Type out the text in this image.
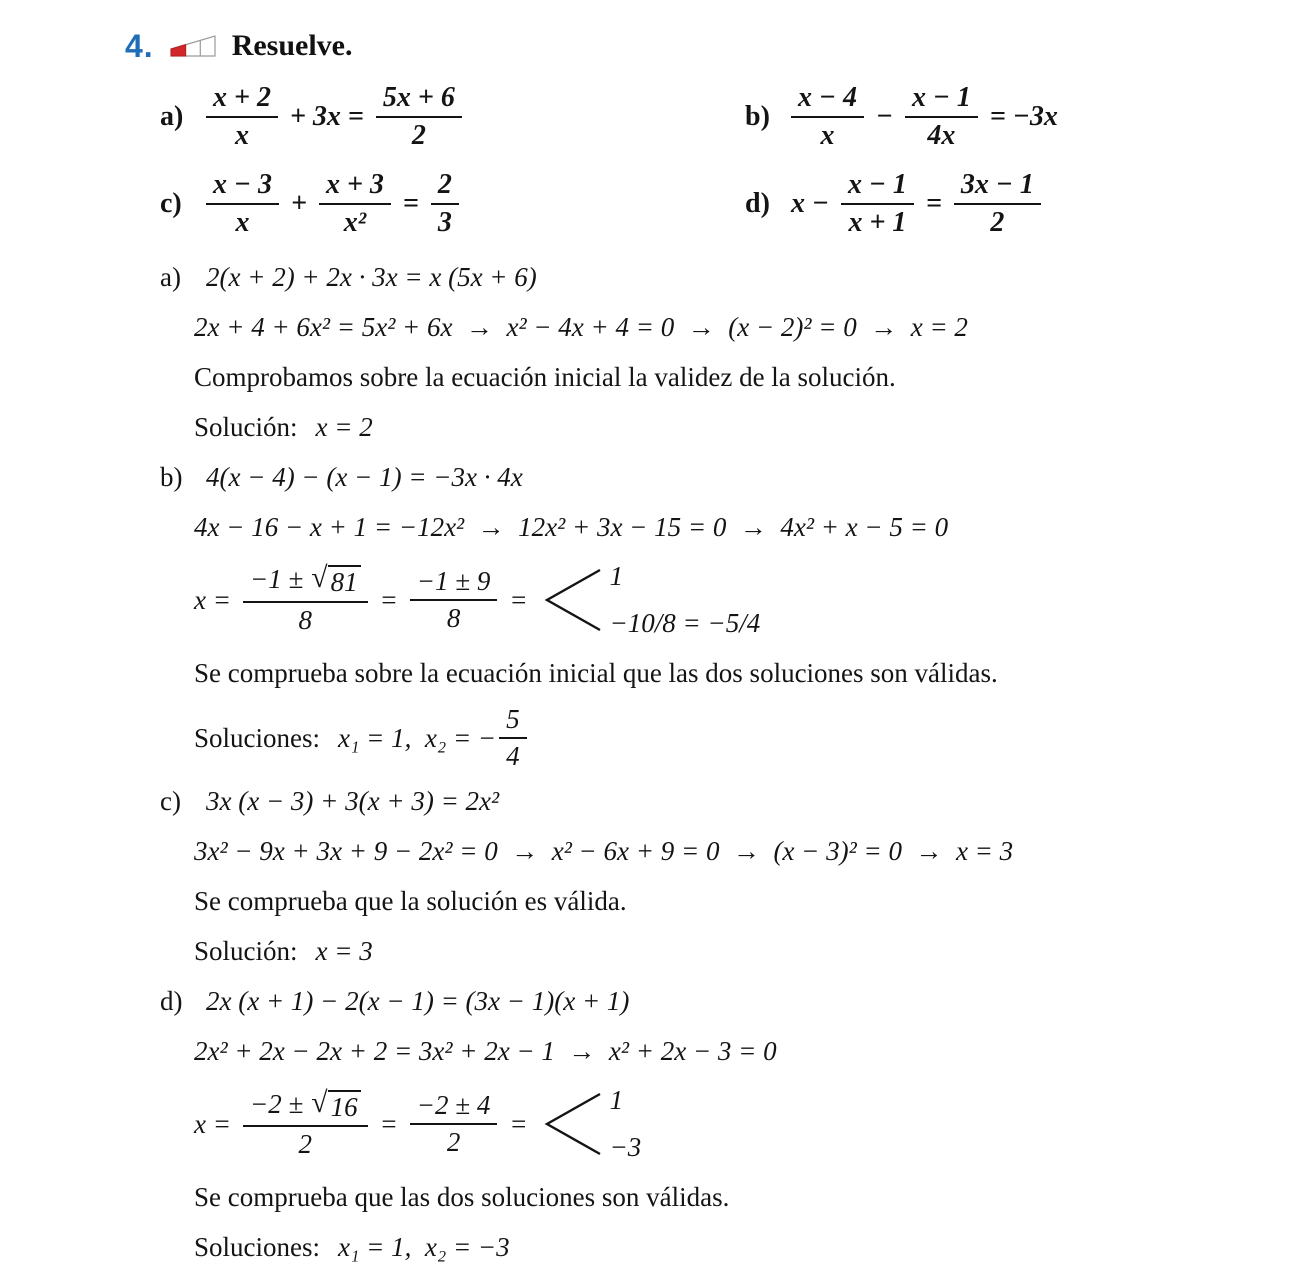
4.	Resuelve.
$a) \frac{x + 2}{x} + 3x = \frac{5x + 6}{2}$	$b) \frac{x - 4}{x} - \frac{x - 1}{4x} = -3x$
$c) \frac{x - 3}{x} + \frac{x + 3}{\text{x²}} = \frac{2}{3}$	d) $x - \frac{x - 1}{x + 1} = \frac{3x - 1}{2}$
a) 2(x + 2) + 2x · 3x = x (5x + 6)
2x + 4 + 6x² = 5x² + 6x  →  x² − 4x + 4 = 0  →  (x − 2)² = 0  →  x = 2
Comprobamos sobre la ecuación inicial la validez de la solución.
Solución: x = 2
b) 4(x − 4) − (x − 1) = −3x · 4x
4x − 16 − x + 1 = −12x²  →  12x² + 3x − 15 = 0  →  4x² + x − 5 = 0
$x = \frac{-1 \pm √ 81}{8} = \frac{-1 \pm 9}{8}$ =
1
−10/8 = −5/4
Se comprueba sobre la ecuación inicial que las dos soluciones son válidas.
Soluciones: x₁ = 1,  x₂ = − $\frac{5}{4}$
c) 3x (x − 3) + 3(x + 3) = 2x²
3x² − 9x + 3x + 9 − 2x² = 0  →  x² − 6x + 9 = 0  →  (x − 3)² = 0  →  x = 3
Se comprueba que la solución es válida.
Solución: x = 3
d) 2x (x + 1) − 2(x − 1) = (3x − 1)(x + 1)
2x² + 2x − 2x + 2 = 3x² + 2x − 1  →  x² + 2x − 3 = 0
$x = \frac{-2 \pm √ 16}{2} = \frac{-2 \pm 4}{2}$ =
1
−3
Se comprueba que las dos soluciones son válidas.
Soluciones: x₁ = 1,  x₂ = −3
